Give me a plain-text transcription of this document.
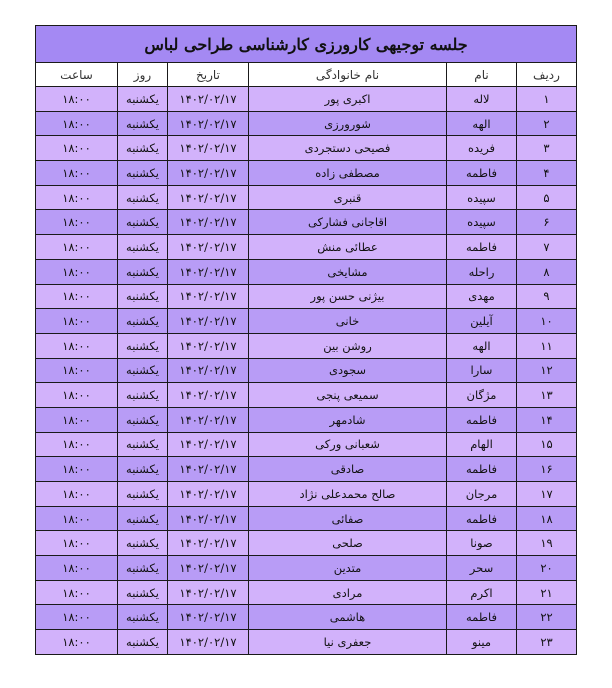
جلسه توجیهی کارورزی کارشناسی طراحی لباس					
ردیف	نام	نام خانوادگی	تاریخ	روز	ساعت
۱	لاله	اکبری پور	۱۴۰۲/۰۲/۱۷	یکشنبه	۱۸:۰۰
۲	الهه	شورورزی	۱۴۰۲/۰۲/۱۷	یکشنبه	۱۸:۰۰
۳	فریده	فصیحی دستجردی	۱۴۰۲/۰۲/۱۷	یکشنبه	۱۸:۰۰
۴	فاطمه	مصطفی زاده	۱۴۰۲/۰۲/۱۷	یکشنبه	۱۸:۰۰
۵	سپیده	قنبری	۱۴۰۲/۰۲/۱۷	یکشنبه	۱۸:۰۰
۶	سپیده	اقاجانی فشارکی	۱۴۰۲/۰۲/۱۷	یکشنبه	۱۸:۰۰
۷	فاطمه	عطائی منش	۱۴۰۲/۰۲/۱۷	یکشنبه	۱۸:۰۰
۸	راحله	مشایخی	۱۴۰۲/۰۲/۱۷	یکشنبه	۱۸:۰۰
۹	مهدی	بیژنی حسن پور	۱۴۰۲/۰۲/۱۷	یکشنبه	۱۸:۰۰
۱۰	آیلین	خانی	۱۴۰۲/۰۲/۱۷	یکشنبه	۱۸:۰۰
۱۱	الهه	روشن بین	۱۴۰۲/۰۲/۱۷	یکشنبه	۱۸:۰۰
۱۲	سارا	سجودی	۱۴۰۲/۰۲/۱۷	یکشنبه	۱۸:۰۰
۱۳	مژگان	سمیعی پنجی	۱۴۰۲/۰۲/۱۷	یکشنبه	۱۸:۰۰
۱۴	فاطمه	شادمهر	۱۴۰۲/۰۲/۱۷	یکشنبه	۱۸:۰۰
۱۵	الهام	شعبانی ورکی	۱۴۰۲/۰۲/۱۷	یکشنبه	۱۸:۰۰
۱۶	فاطمه	صادقی	۱۴۰۲/۰۲/۱۷	یکشنبه	۱۸:۰۰
۱۷	مرجان	صالح محمدعلی نژاد	۱۴۰۲/۰۲/۱۷	یکشنبه	۱۸:۰۰
۱۸	فاطمه	صفائی	۱۴۰۲/۰۲/۱۷	یکشنبه	۱۸:۰۰
۱۹	صونا	صلحی	۱۴۰۲/۰۲/۱۷	یکشنبه	۱۸:۰۰
۲۰	سحر	متدین	۱۴۰۲/۰۲/۱۷	یکشنبه	۱۸:۰۰
۲۱	اکرم	مرادی	۱۴۰۲/۰۲/۱۷	یکشنبه	۱۸:۰۰
۲۲	فاطمه	هاشمی	۱۴۰۲/۰۲/۱۷	یکشنبه	۱۸:۰۰
۲۳	مینو	جعفری نیا	۱۴۰۲/۰۲/۱۷	یکشنبه	۱۸:۰۰
